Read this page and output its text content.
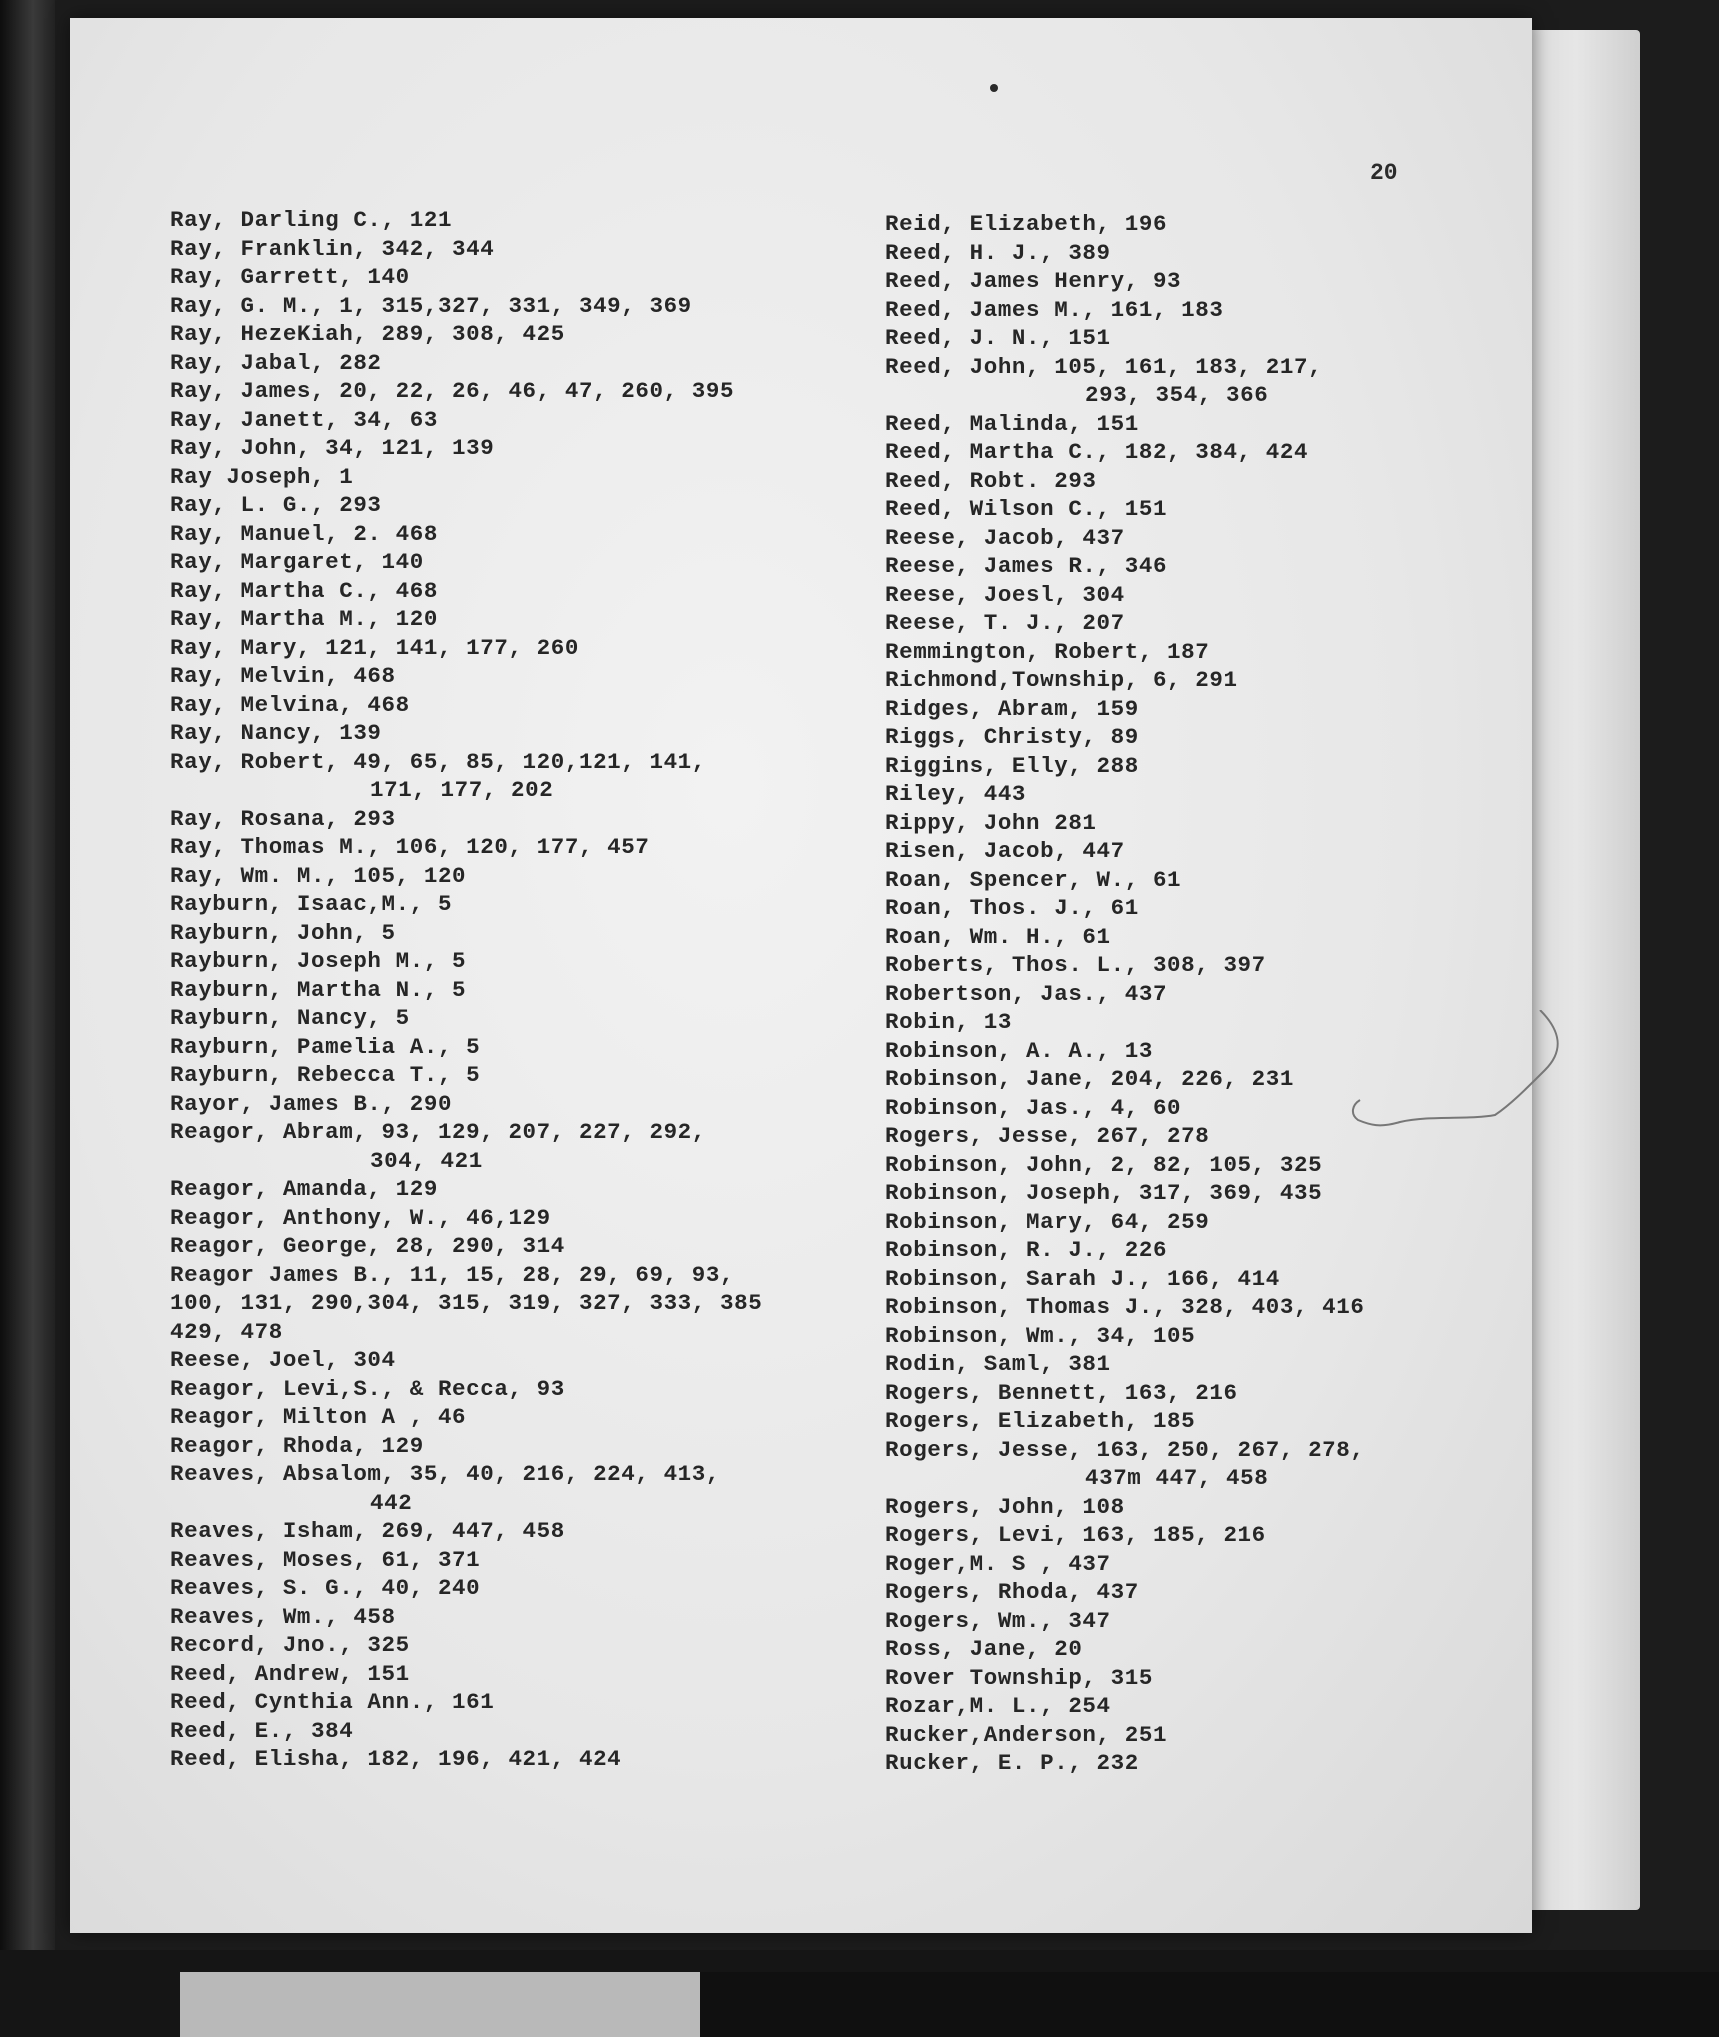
20
Ray, Darling C., 121
Ray, Franklin, 342, 344
Ray, Garrett, 140
Ray, G. M., 1, 315,327, 331, 349, 369
Ray, HezeKiah, 289, 308, 425
Ray, Jabal, 282
Ray, James, 20, 22, 26, 46, 47, 260, 395
Ray, Janett, 34, 63
Ray, John, 34, 121, 139
Ray Joseph, 1
Ray, L. G., 293
Ray, Manuel, 2. 468
Ray, Margaret, 140
Ray, Martha C., 468
Ray, Martha M., 120
Ray, Mary, 121, 141, 177, 260
Ray, Melvin, 468
Ray, Melvina, 468
Ray, Nancy, 139
Ray, Robert, 49, 65, 85, 120,121, 141,
171, 177, 202
Ray, Rosana, 293
Ray, Thomas M., 106, 120, 177, 457
Ray, Wm. M., 105, 120
Rayburn, Isaac,M., 5
Rayburn, John, 5
Rayburn, Joseph M., 5
Rayburn, Martha N., 5
Rayburn, Nancy, 5
Rayburn, Pamelia A., 5
Rayburn, Rebecca T., 5
Rayor, James B., 290
Reagor, Abram, 93, 129, 207, 227, 292,
304, 421
Reagor, Amanda, 129
Reagor, Anthony, W., 46,129
Reagor, George, 28, 290, 314
Reagor James B., 11, 15, 28, 29, 69, 93,
100, 131, 290,304, 315, 319, 327, 333, 385
429, 478
Reese, Joel, 304
Reagor, Levi,S., & Recca, 93
Reagor, Milton A , 46
Reagor, Rhoda, 129
Reaves, Absalom, 35, 40, 216, 224, 413,
442
Reaves, Isham, 269, 447, 458
Reaves, Moses, 61, 371
Reaves, S. G., 40, 240
Reaves, Wm., 458
Record, Jno., 325
Reed, Andrew, 151
Reed, Cynthia Ann., 161
Reed, E., 384
Reed, Elisha, 182, 196, 421, 424
Reid, Elizabeth, 196
Reed, H. J., 389
Reed, James Henry, 93
Reed, James M., 161, 183
Reed, J. N., 151
Reed, John, 105, 161, 183, 217,
293, 354, 366
Reed, Malinda, 151
Reed, Martha C., 182, 384, 424
Reed, Robt. 293
Reed, Wilson C., 151
Reese, Jacob, 437
Reese, James R., 346
Reese, Joesl, 304
Reese, T. J., 207
Remmington, Robert, 187
Richmond,Township, 6, 291
Ridges, Abram, 159
Riggs, Christy, 89
Riggins, Elly, 288
Riley, 443
Rippy, John 281
Risen, Jacob, 447
Roan, Spencer, W., 61
Roan, Thos. J., 61
Roan, Wm. H., 61
Roberts, Thos. L., 308, 397
Robertson, Jas., 437
Robin, 13
Robinson, A. A., 13
Robinson, Jane, 204, 226, 231
Robinson, Jas., 4, 60
Rogers, Jesse, 267, 278
Robinson, John, 2, 82, 105, 325
Robinson, Joseph, 317, 369, 435
Robinson, Mary, 64, 259
Robinson, R. J., 226
Robinson, Sarah J., 166, 414
Robinson, Thomas J., 328, 403, 416
Robinson, Wm., 34, 105
Rodin, Saml, 381
Rogers, Bennett, 163, 216
Rogers, Elizabeth, 185
Rogers, Jesse, 163, 250, 267, 278,
437m 447, 458
Rogers, John, 108
Rogers, Levi, 163, 185, 216
Roger,M. S , 437
Rogers, Rhoda, 437
Rogers, Wm., 347
Ross, Jane, 20
Rover Township, 315
Rozar,M. L., 254
Rucker,Anderson, 251
Rucker, E. P., 232
